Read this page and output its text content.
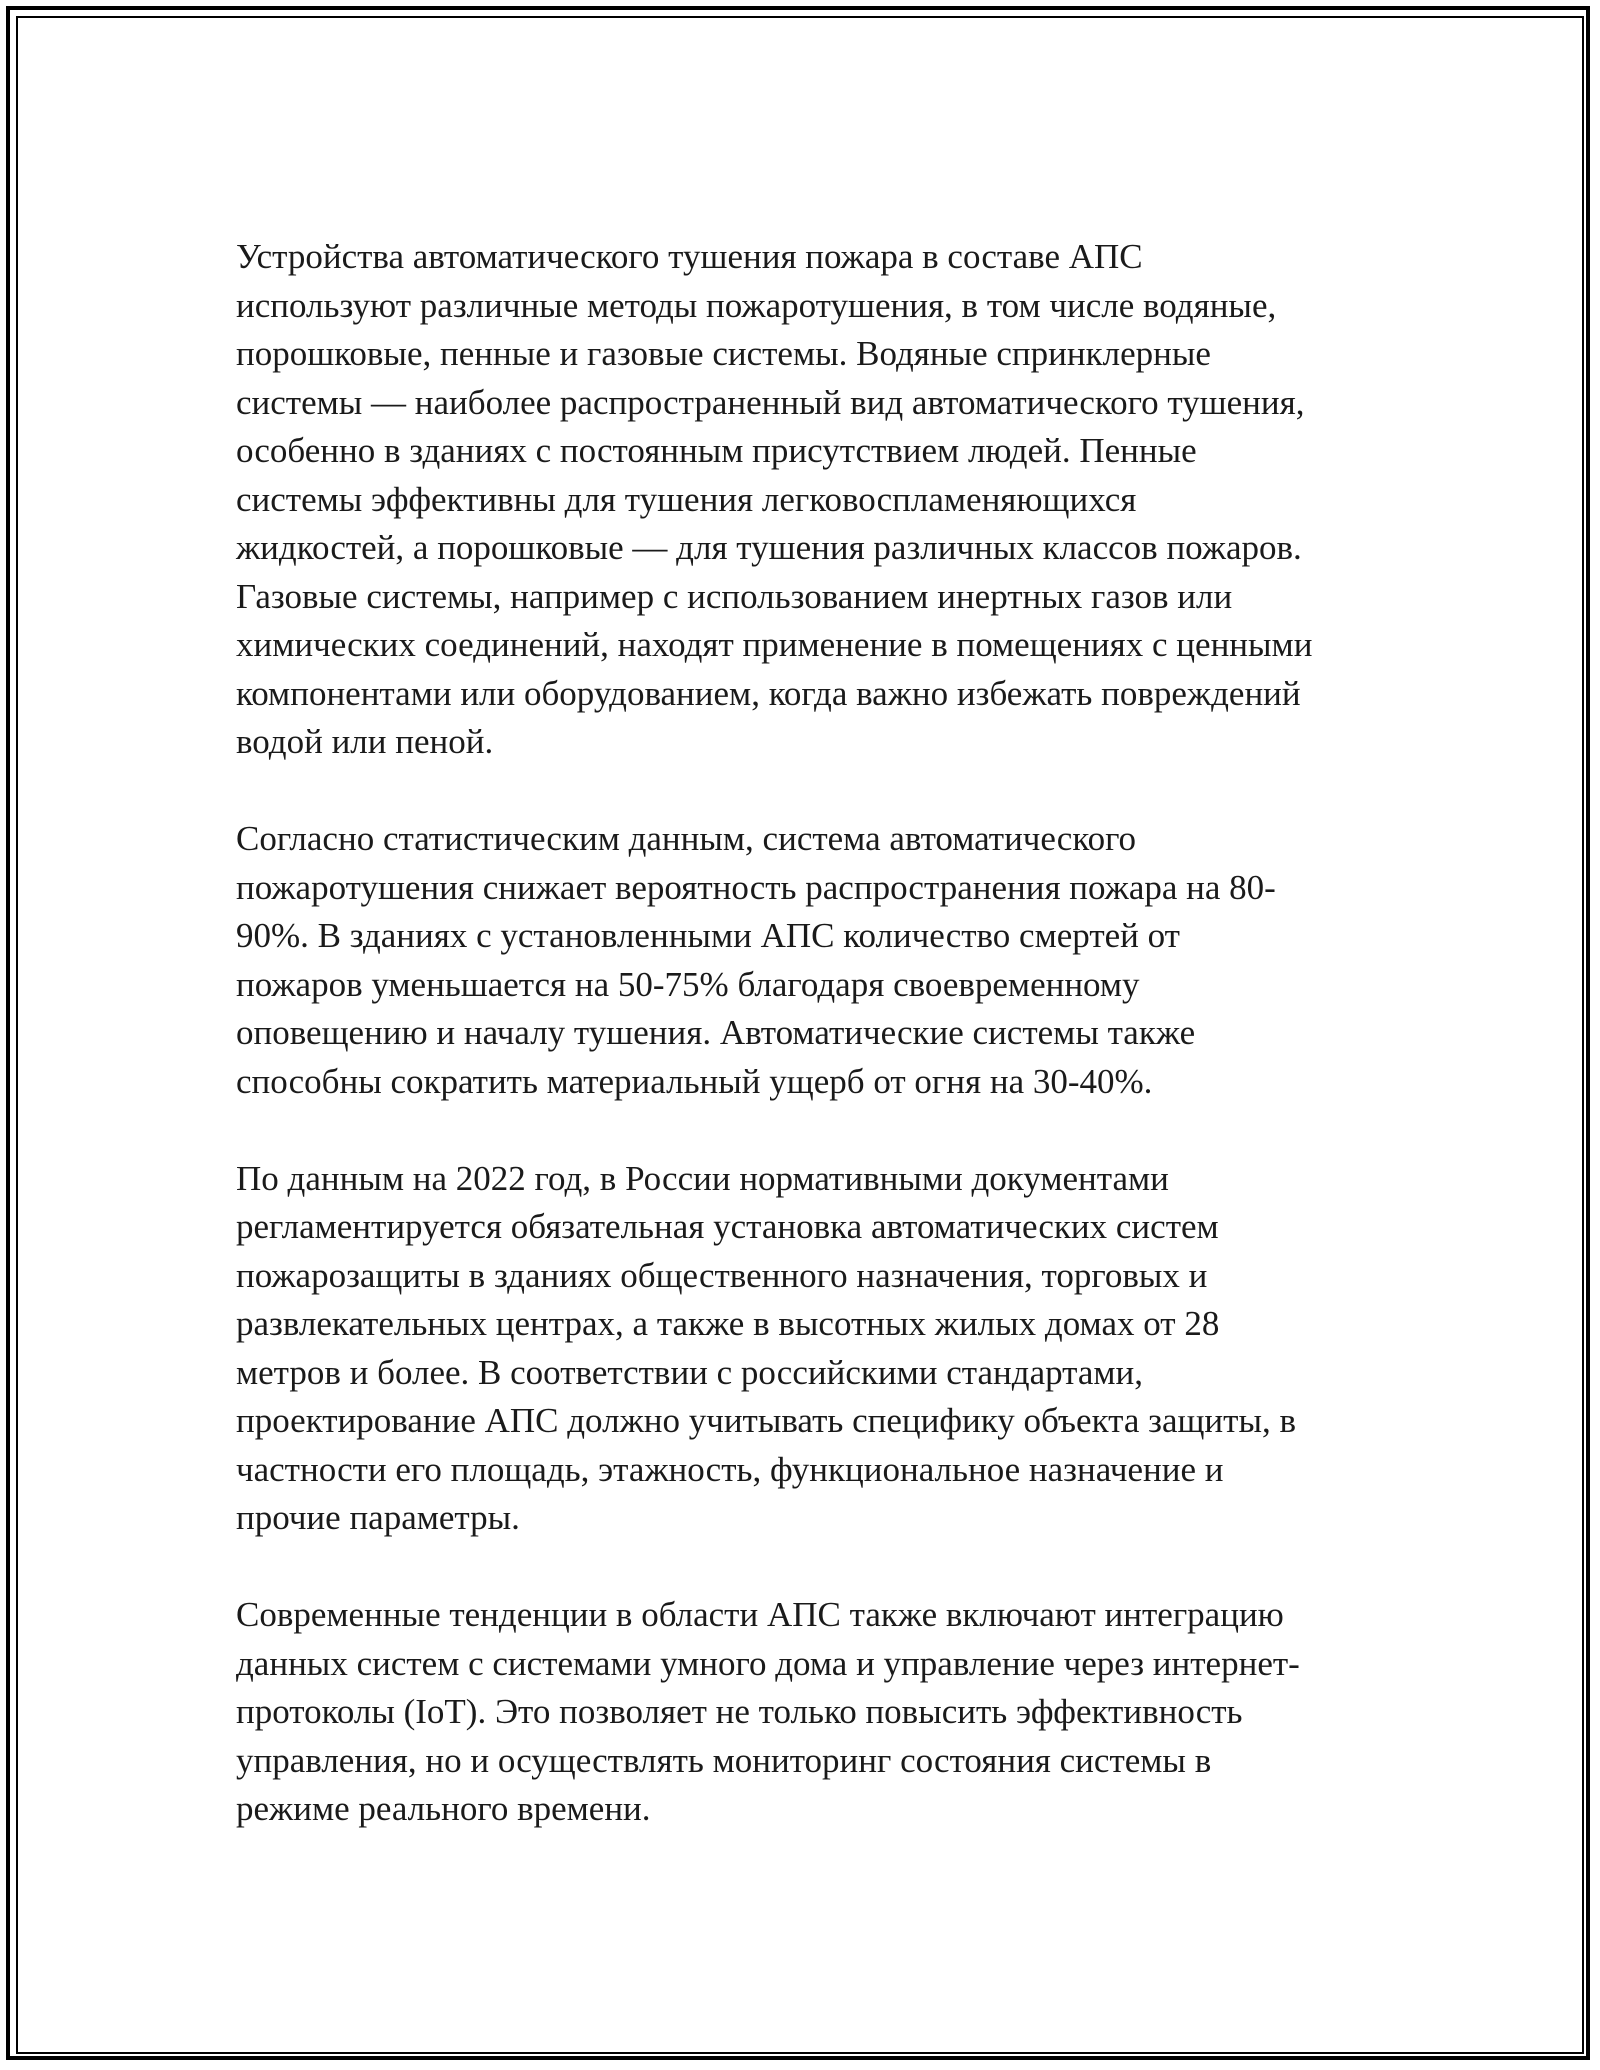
Устройства автоматического тушения пожара в составе АПС
используют различные методы пожаротушения, в том числе водяные,
порошковые, пенные и газовые системы. Водяные спринклерные
системы — наиболее распространенный вид автоматического тушения,
особенно в зданиях с постоянным присутствием людей. Пенные
системы эффективны для тушения легковоспламеняющихся
жидкостей, а порошковые — для тушения различных классов пожаров.
Газовые системы, например с использованием инертных газов или
химических соединений, находят применение в помещениях с ценными
компонентами или оборудованием, когда важно избежать повреждений
водой или пеной.

Согласно статистическим данным, система автоматического
пожаротушения снижает вероятность распространения пожара на 80-
90%. В зданиях с установленными АПС количество смертей от
пожаров уменьшается на 50-75% благодаря своевременному
оповещению и началу тушения. Автоматические системы также
способны сократить материальный ущерб от огня на 30-40%.

По данным на 2022 год, в России нормативными документами
регламентируется обязательная установка автоматических систем
пожарозащиты в зданиях общественного назначения, торговых и
развлекательных центрах, а также в высотных жилых домах от 28
метров и более. В соответствии с российскими стандартами,
проектирование АПС должно учитывать специфику объекта защиты, в
частности его площадь, этажность, функциональное назначение и
прочие параметры.

Современные тенденции в области АПС также включают интеграцию
данных систем с системами умного дома и управление через интернет-
протоколы (IoT). Это позволяет не только повысить эффективность
управления, но и осуществлять мониторинг состояния системы в
режиме реального времени.
